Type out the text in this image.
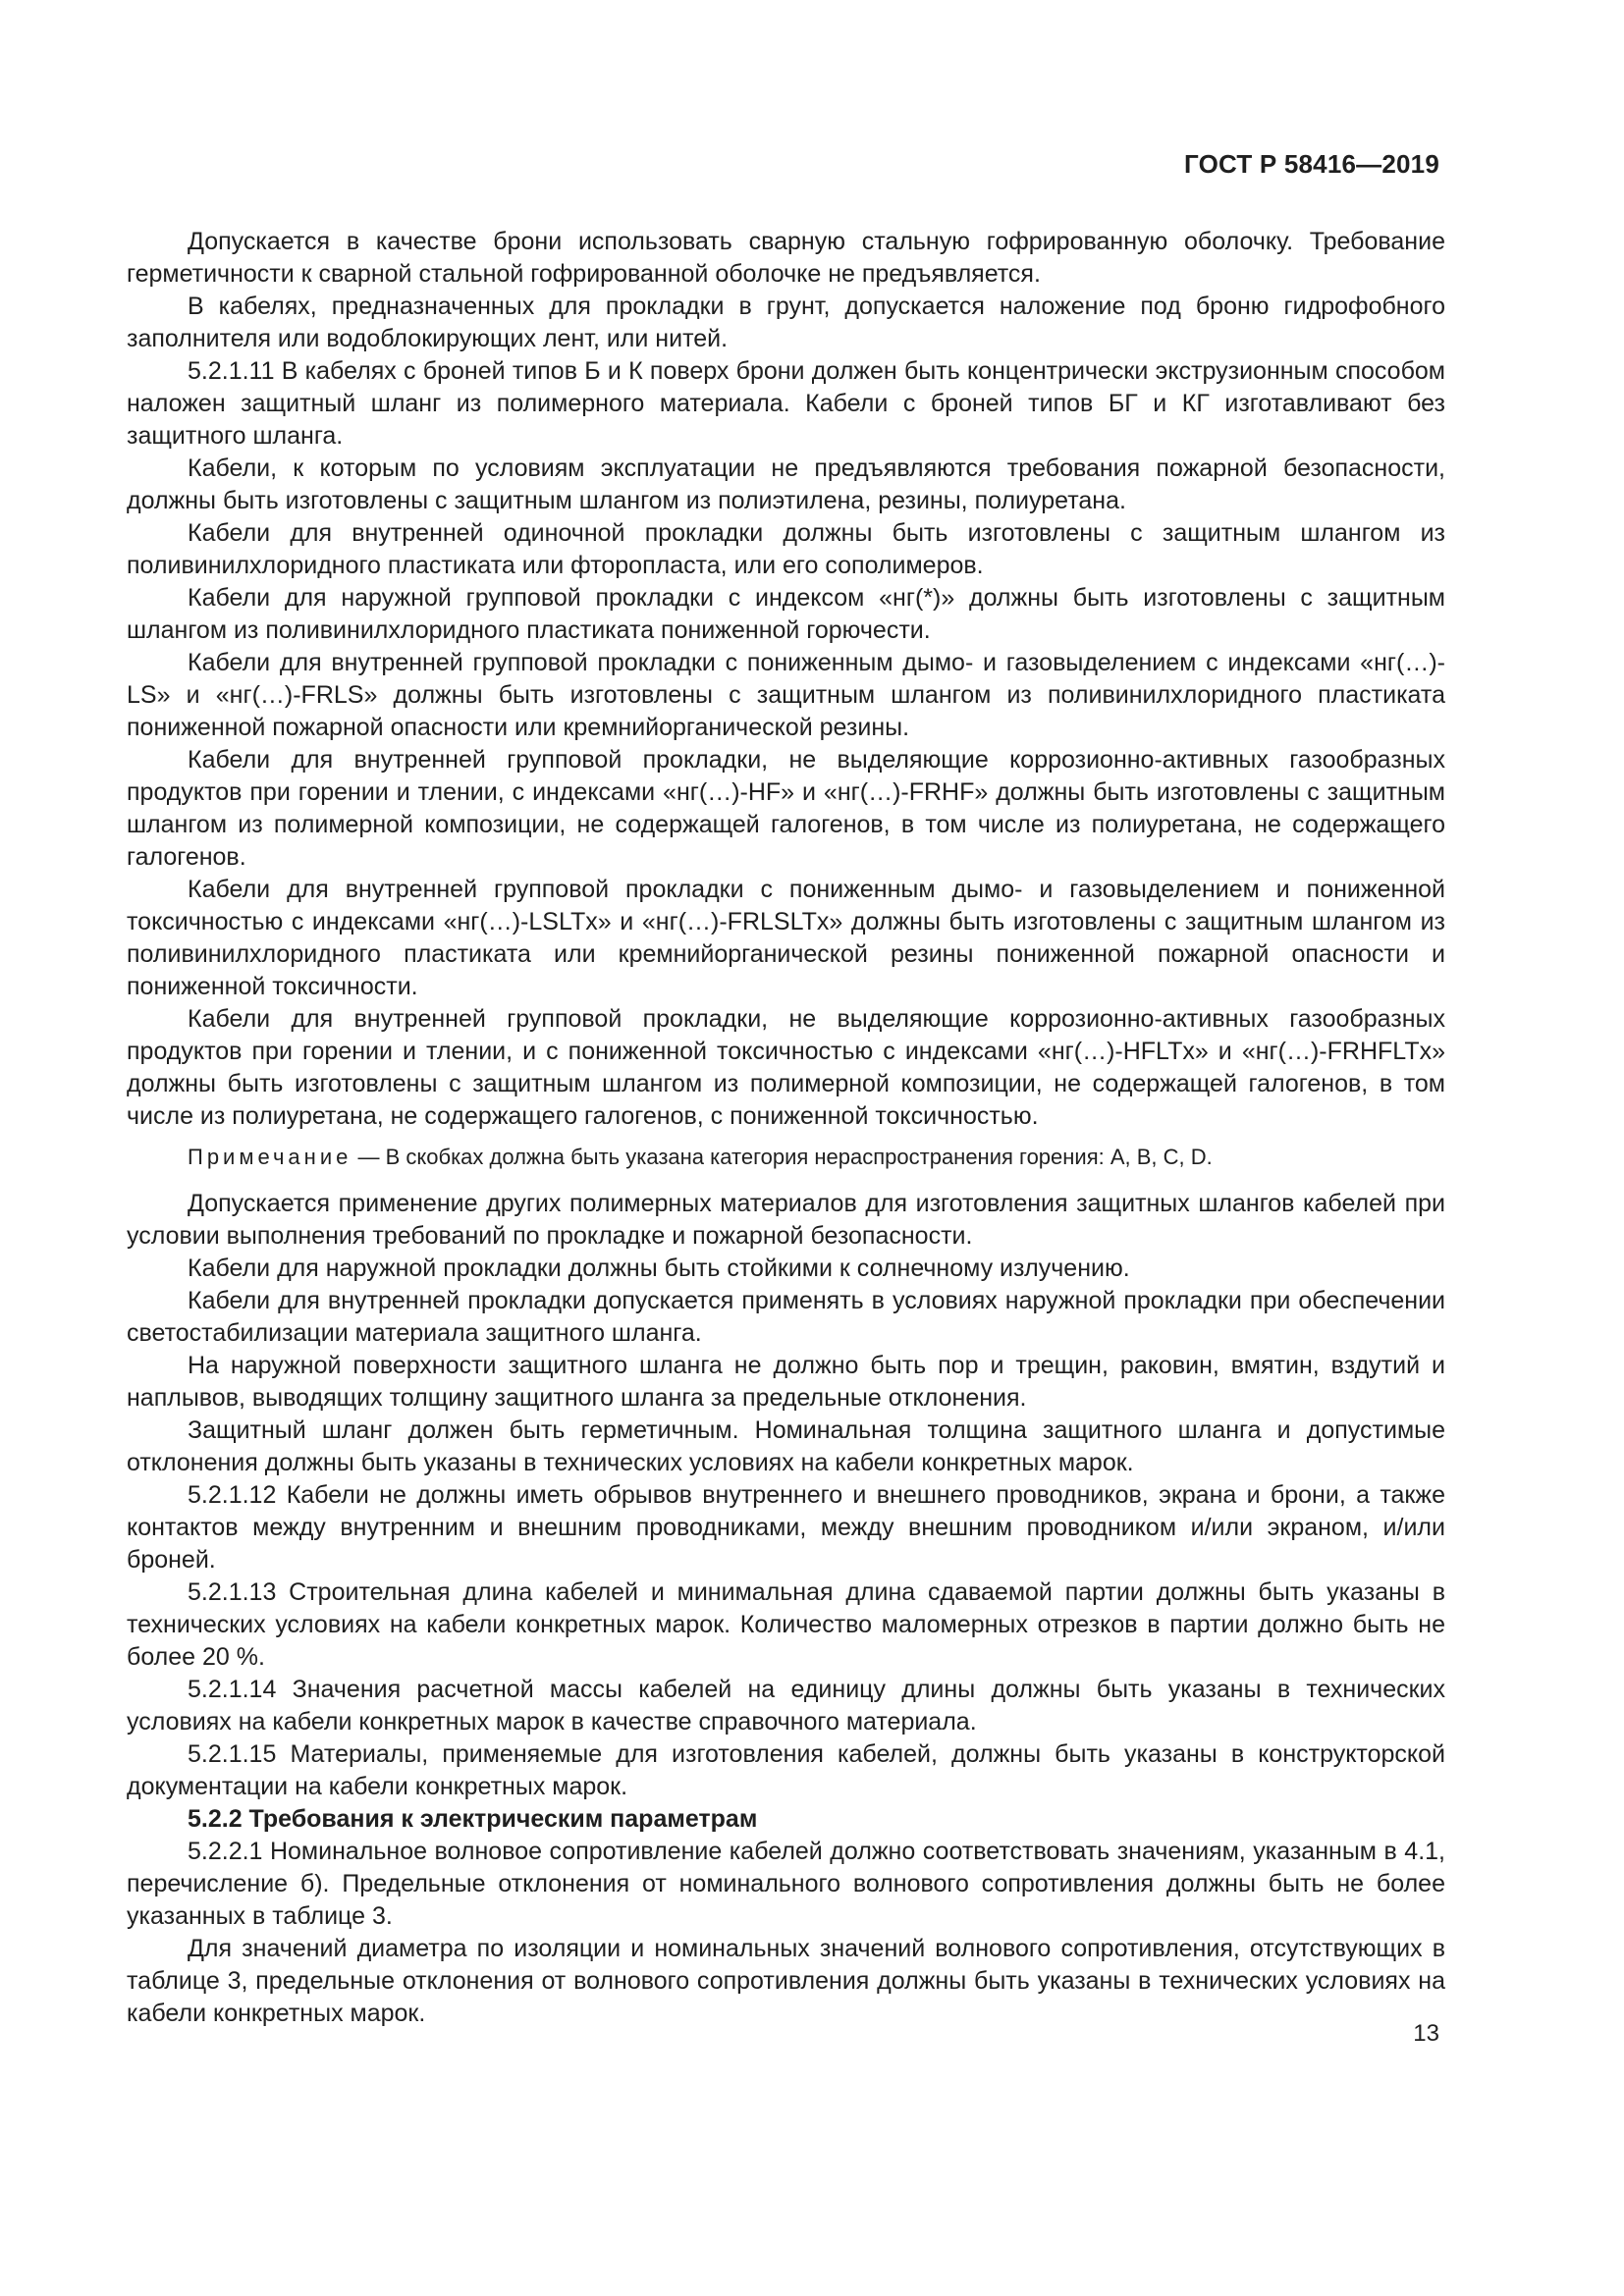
ГОСТ Р 58416—2019

Допускается в качестве брони использовать сварную стальную гофрированную оболочку. Требование герметичности к сварной стальной гофрированной оболочке не предъявляется.

В кабелях, предназначенных для прокладки в грунт, допускается наложение под броню гидрофобного заполнителя или водоблокирующих лент, или нитей.

5.2.1.11 В кабелях с броней типов Б и К поверх брони должен быть концентрически экструзионным способом наложен защитный шланг из полимерного материала. Кабели с броней типов БГ и КГ изготавливают без защитного шланга.

Кабели, к которым по условиям эксплуатации не предъявляются требования пожарной безопасности, должны быть изготовлены с защитным шлангом из полиэтилена, резины, полиуретана.

Кабели для внутренней одиночной прокладки должны быть изготовлены с защитным шлангом из поливинилхлоридного пластиката или фторопласта, или его сополимеров.

Кабели для наружной групповой прокладки с индексом «нг(*)» должны быть изготовлены с защитным шлангом из поливинилхлоридного пластиката пониженной горючести.

Кабели для внутренней групповой прокладки с пониженным дымо- и газовыделением с индексами «нг(…)-LS» и «нг(…)-FRLS» должны быть изготовлены с защитным шлангом из поливинилхлоридного пластиката пониженной пожарной опасности или кремнийорганической резины.

Кабели для внутренней групповой прокладки, не выделяющие коррозионно-активных газообразных продуктов при горении и тлении, с индексами «нг(…)-HF» и «нг(…)-FRHF» должны быть изготовлены с защитным шлангом из полимерной композиции, не содержащей галогенов, в том числе из полиуретана, не содержащего галогенов.

Кабели для внутренней групповой прокладки с пониженным дымо- и газовыделением и пониженной токсичностью с индексами «нг(…)-LSLTx» и «нг(…)-FRLSLTx» должны быть изготовлены с защитным шлангом из поливинилхлоридного пластиката или кремнийорганической резины пониженной пожарной опасности и пониженной токсичности.

Кабели для внутренней групповой прокладки, не выделяющие коррозионно-активных газообразных продуктов при горении и тлении, и с пониженной токсичностью с индексами «нг(…)-HFLTx» и «нг(…)-FRHFLTx» должны быть изготовлены с защитным шлангом из полимерной композиции, не содержащей галогенов, в том числе из полиуретана, не содержащего галогенов, с пониженной токсичностью.

Примечание — В скобках должна быть указана категория нераспространения горения: А, В, С, D.

Допускается применение других полимерных материалов для изготовления защитных шлангов кабелей при условии выполнения требований по прокладке и пожарной безопасности.

Кабели для наружной прокладки должны быть стойкими к солнечному излучению.

Кабели для внутренней прокладки допускается применять в условиях наружной прокладки при обеспечении светостабилизации материала защитного шланга.

На наружной поверхности защитного шланга не должно быть пор и трещин, раковин, вмятин, вздутий и наплывов, выводящих толщину защитного шланга за предельные отклонения.

Защитный шланг должен быть герметичным. Номинальная толщина защитного шланга и допустимые отклонения должны быть указаны в технических условиях на кабели конкретных марок.

5.2.1.12 Кабели не должны иметь обрывов внутреннего и внешнего проводников, экрана и брони, а также контактов между внутренним и внешним проводниками, между внешним проводником и/или экраном, и/или броней.

5.2.1.13 Строительная длина кабелей и минимальная длина сдаваемой партии должны быть указаны в технических условиях на кабели конкретных марок. Количество маломерных отрезков в партии должно быть не более 20 %.

5.2.1.14 Значения расчетной массы кабелей на единицу длины должны быть указаны в технических условиях на кабели конкретных марок в качестве справочного материала.

5.2.1.15 Материалы, применяемые для изготовления кабелей, должны быть указаны в конструкторской документации на кабели конкретных марок.

5.2.2 Требования к электрическим параметрам

5.2.2.1 Номинальное волновое сопротивление кабелей должно соответствовать значениям, указанным в 4.1, перечисление б). Предельные отклонения от номинального волнового сопротивления должны быть не более указанных в таблице 3.

Для значений диаметра по изоляции и номинальных значений волнового сопротивления, отсутствующих в таблице 3, предельные отклонения от волнового сопротивления должны быть указаны в технических условиях на кабели конкретных марок.

13
